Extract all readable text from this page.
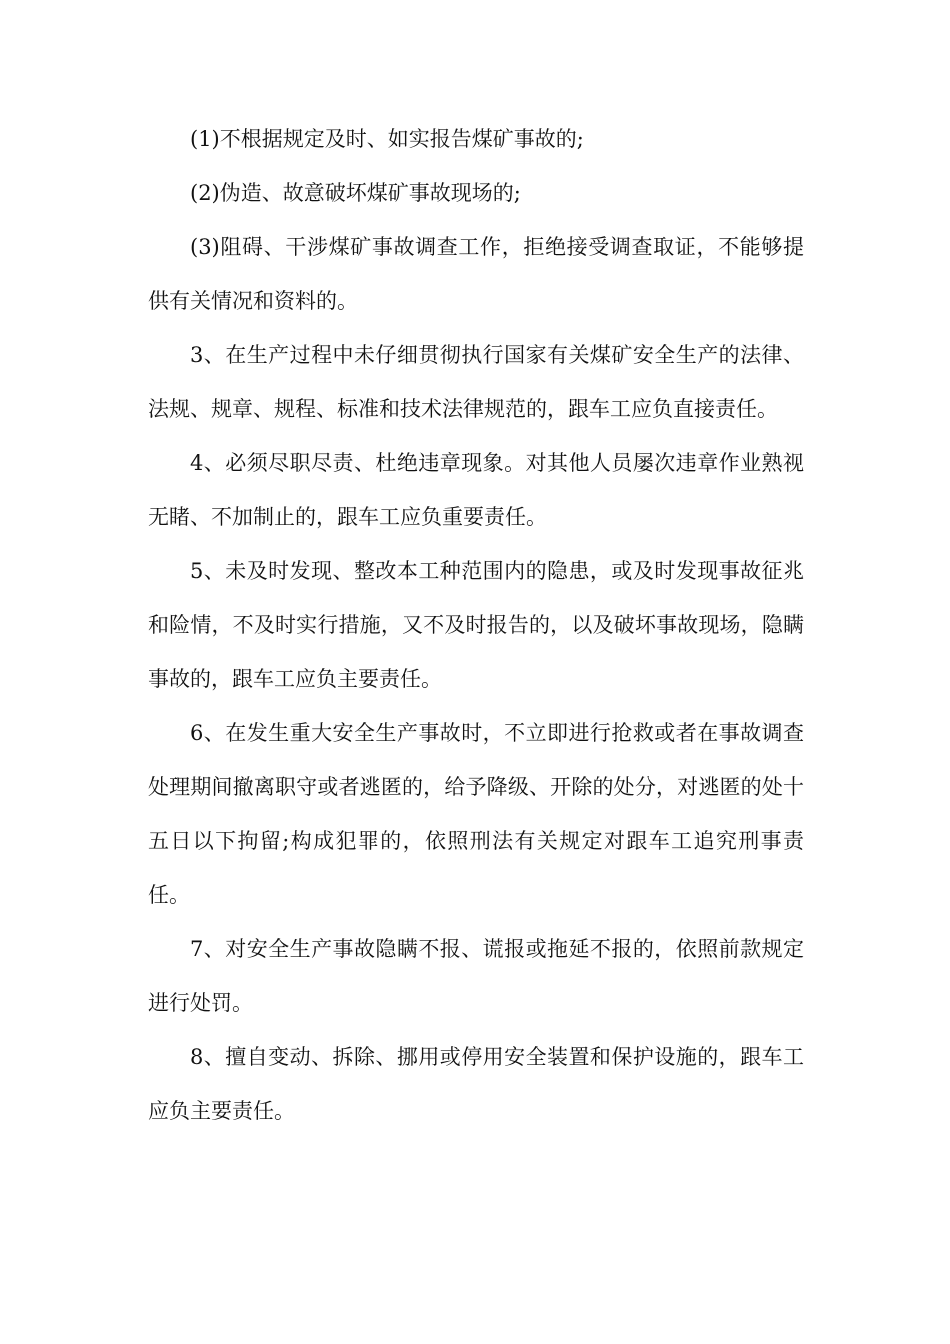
(1)不根据规定及时、如实报告煤矿事故的;

(2)伪造、故意破坏煤矿事故现场的;

(3)阻碍、干涉煤矿事故调查工作，拒绝接受调查取证，不能够提供有关情况和资料的。

3、在生产过程中未仔细贯彻执行国家有关煤矿安全生产的法律、法规、规章、规程、标准和技术法律规范的，跟车工应负直接责任。

4、必须尽职尽责、杜绝违章现象。对其他人员屡次违章作业熟视无睹、不加制止的，跟车工应负重要责任。

5、未及时发现、整改本工种范围内的隐患，或及时发现事故征兆和险情，不及时实行措施，又不及时报告的，以及破坏事故现场，隐瞒事故的，跟车工应负主要责任。

6、在发生重大安全生产事故时，不立即进行抢救或者在事故调查处理期间撤离职守或者逃匿的，给予降级、开除的处分，对逃匿的处十五日以下拘留;构成犯罪的，依照刑法有关规定对跟车工追究刑事责任。

7、对安全生产事故隐瞒不报、谎报或拖延不报的，依照前款规定进行处罚。

8、擅自变动、拆除、挪用或停用安全装置和保护设施的，跟车工应负主要责任。
